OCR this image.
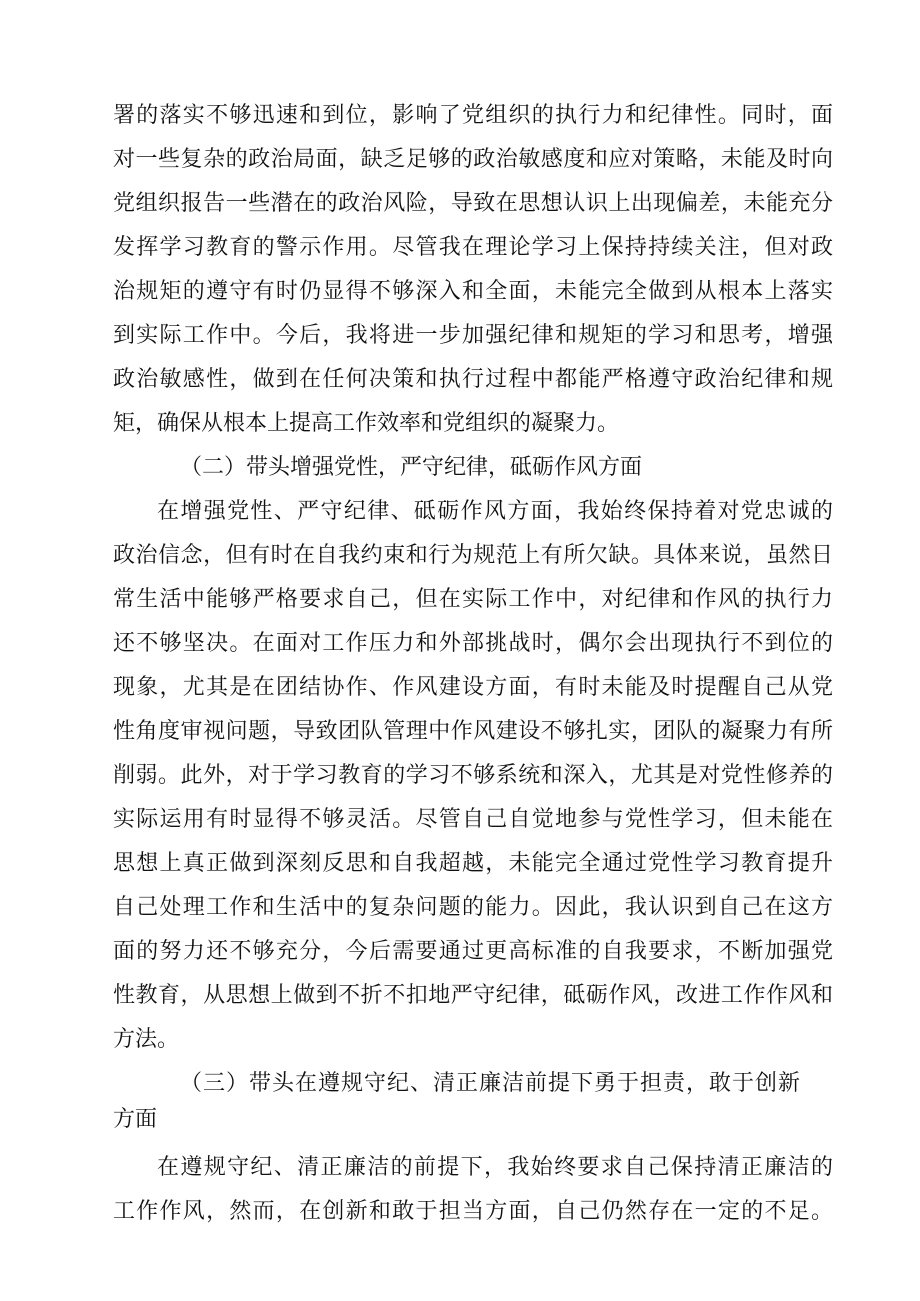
署的落实不够迅速和到位，影响了党组织的执行力和纪律性。同时，面
对一些复杂的政治局面，缺乏足够的政治敏感度和应对策略，未能及时向
党组织报告一些潜在的政治风险，导致在思想认识上出现偏差，未能充分
发挥学习教育的警示作用。尽管我在理论学习上保持持续关注，但对政
治规矩的遵守有时仍显得不够深入和全面，未能完全做到从根本上落实
到实际工作中。今后，我将进一步加强纪律和规矩的学习和思考，增强
政治敏感性，做到在任何决策和执行过程中都能严格遵守政治纪律和规
矩，确保从根本上提高工作效率和党组织的凝聚力。
（二）带头增强党性，严守纪律，砥砺作风方面
在增强党性、严守纪律、砥砺作风方面，我始终保持着对党忠诚的
政治信念，但有时在自我约束和行为规范上有所欠缺。具体来说，虽然日
常生活中能够严格要求自己，但在实际工作中，对纪律和作风的执行力
还不够坚决。在面对工作压力和外部挑战时，偶尔会出现执行不到位的
现象，尤其是在团结协作、作风建设方面，有时未能及时提醒自己从党
性角度审视问题，导致团队管理中作风建设不够扎实，团队的凝聚力有所
削弱。此外，对于学习教育的学习不够系统和深入，尤其是对党性修养的
实际运用有时显得不够灵活。尽管自己自觉地参与党性学习，但未能在
思想上真正做到深刻反思和自我超越，未能完全通过党性学习教育提升
自己处理工作和生活中的复杂问题的能力。因此，我认识到自己在这方
面的努力还不够充分，今后需要通过更高标准的自我要求，不断加强党
性教育，从思想上做到不折不扣地严守纪律，砥砺作风，改进工作作风和
方法。
（三）带头在遵规守纪、清正廉洁前提下勇于担责，敢于创新
方面
在遵规守纪、清正廉洁的前提下，我始终要求自己保持清正廉洁的
工作作风，然而，在创新和敢于担当方面，自己仍然存在一定的不足。
